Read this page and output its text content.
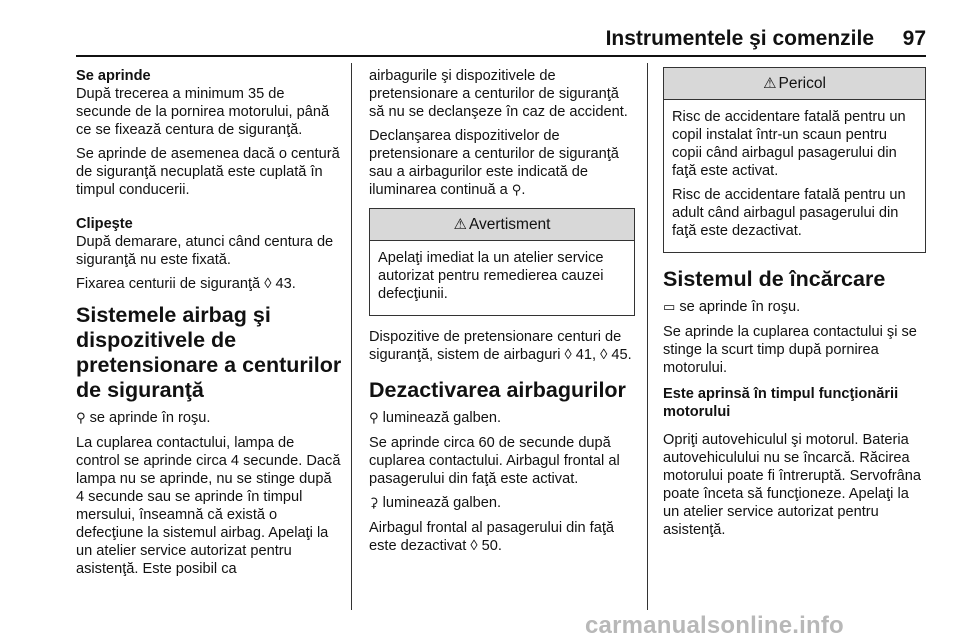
Instrumentele şi comenzile 97

Se aprinde

După trecerea a minimum 35 de secunde de la pornirea motorului, până ce se fixează centura de siguranţă.

Se aprinde de asemenea dacă o centură de siguranţă necuplată este cuplată în timpul conducerii.

Clipeşte

După demarare, atunci când centura de siguranţă nu este fixată.

Fixarea centurii de siguranţă ◊ 43.

Sistemele airbag şi dispozitivele de pretensionare a centurilor de siguranţă

⚲ se aprinde în roşu.

La cuplarea contactului, lampa de control se aprinde circa 4 secunde. Dacă lampa nu se aprinde, nu se stinge după 4 secunde sau se aprinde în timpul mersului, înseamnă că există o defecţiune la sistemul airbag. Apelaţi la un atelier service autorizat pentru asistenţă. Este posibil ca

airbagurile şi dispozitivele de pretensionare a centurilor de siguranţă să nu se declanşeze în caz de accident.

Declanşarea dispozitivelor de pretensionare a centurilor de siguranţă sau a airbagurilor este indicată de iluminarea continuă a ⚲.

⚠ Avertisment

Apelaţi imediat la un atelier service autorizat pentru remedierea cauzei defecţiunii.

Dispozitive de pretensionare centuri de siguranţă, sistem de airbaguri ◊ 41, ◊ 45.

Dezactivarea airbagurilor

⚲ luminează galben.

Se aprinde circa 60 de secunde după cuplarea contactului. Airbagul frontal al pasagerului din faţă este activat.

⚳ luminează galben.

Airbagul frontal al pasagerului din faţă este dezactivat ◊ 50.

⚠ Pericol

Risc de accidentare fatală pentru un copil instalat într-un scaun pentru copii când airbagul pasagerului din faţă este activat.

Risc de accidentare fatală pentru un adult când airbagul pasagerului din faţă este dezactivat.

Sistemul de încărcare

▭ se aprinde în roşu.

Se aprinde la cuplarea contactului şi se stinge la scurt timp după pornirea motorului.

Este aprinsă în timpul funcţionării motorului

Opriţi autovehiculul şi motorul. Bateria autovehiculului nu se încarcă. Răcirea motorului poate fi întreruptă. Servofrâna poate înceta să funcţioneze. Apelaţi la un atelier service autorizat pentru asistenţă.

carmanualsonline.info
